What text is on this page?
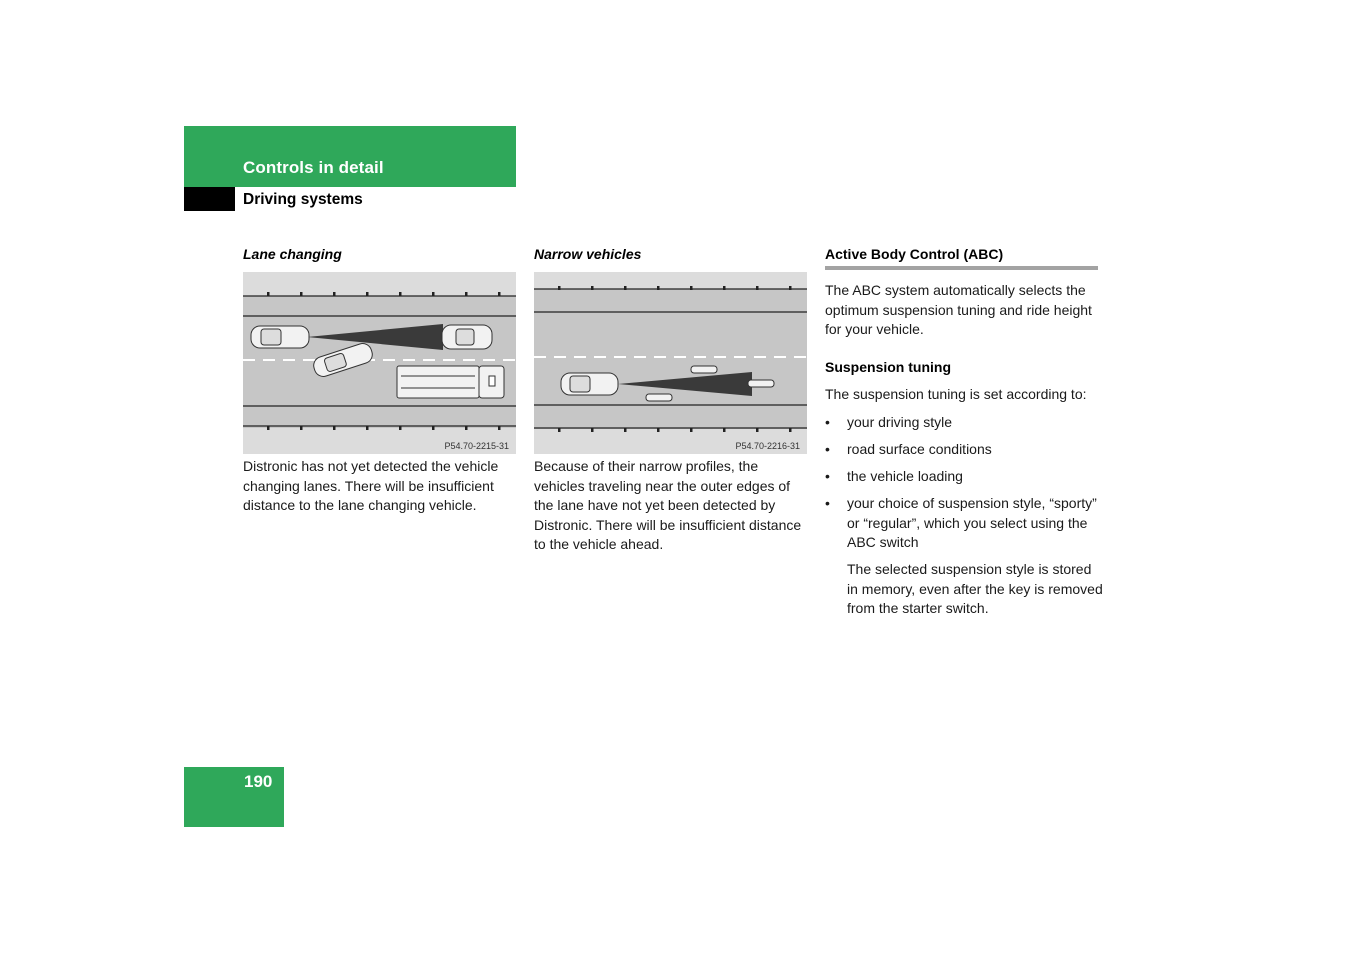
Controls in detail
Driving systems
Lane changing
P54.70-2215-31
Distronic has not yet detected the vehicle changing lanes. There will be insufficient distance to the lane changing vehicle.
Narrow vehicles
P54.70-2216-31
Because of their narrow profiles, the vehicles traveling near the outer edges of the lane have not yet been detected by Distronic. There will be insufficient distance to the vehicle ahead.
Active Body Control (ABC)
The ABC system automatically selects the optimum suspension tuning and ride height for your vehicle.
Suspension tuning
The suspension tuning is set according to:
• your driving style
• road surface conditions
• the vehicle loading
• your choice of suspension style, “sporty” or “regular”, which you select using the ABC switch
The selected suspension style is stored in memory, even after the key is removed from the starter switch.
190
